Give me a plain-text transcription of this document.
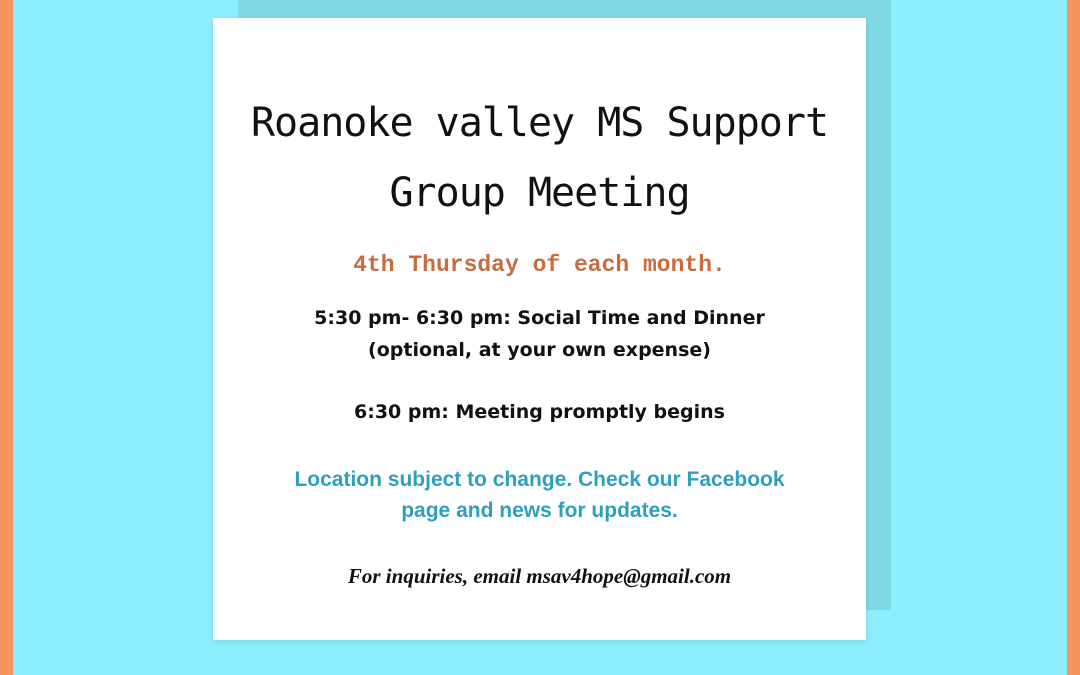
Roanoke valley MS Support
Group Meeting

4th Thursday of each month.

5:30 pm- 6:30 pm: Social Time and Dinner
(optional, at your own expense)

6:30 pm: Meeting promptly begins

Location subject to change. Check our Facebook
page and news for updates.

For inquiries, email msav4hope@gmail.com
